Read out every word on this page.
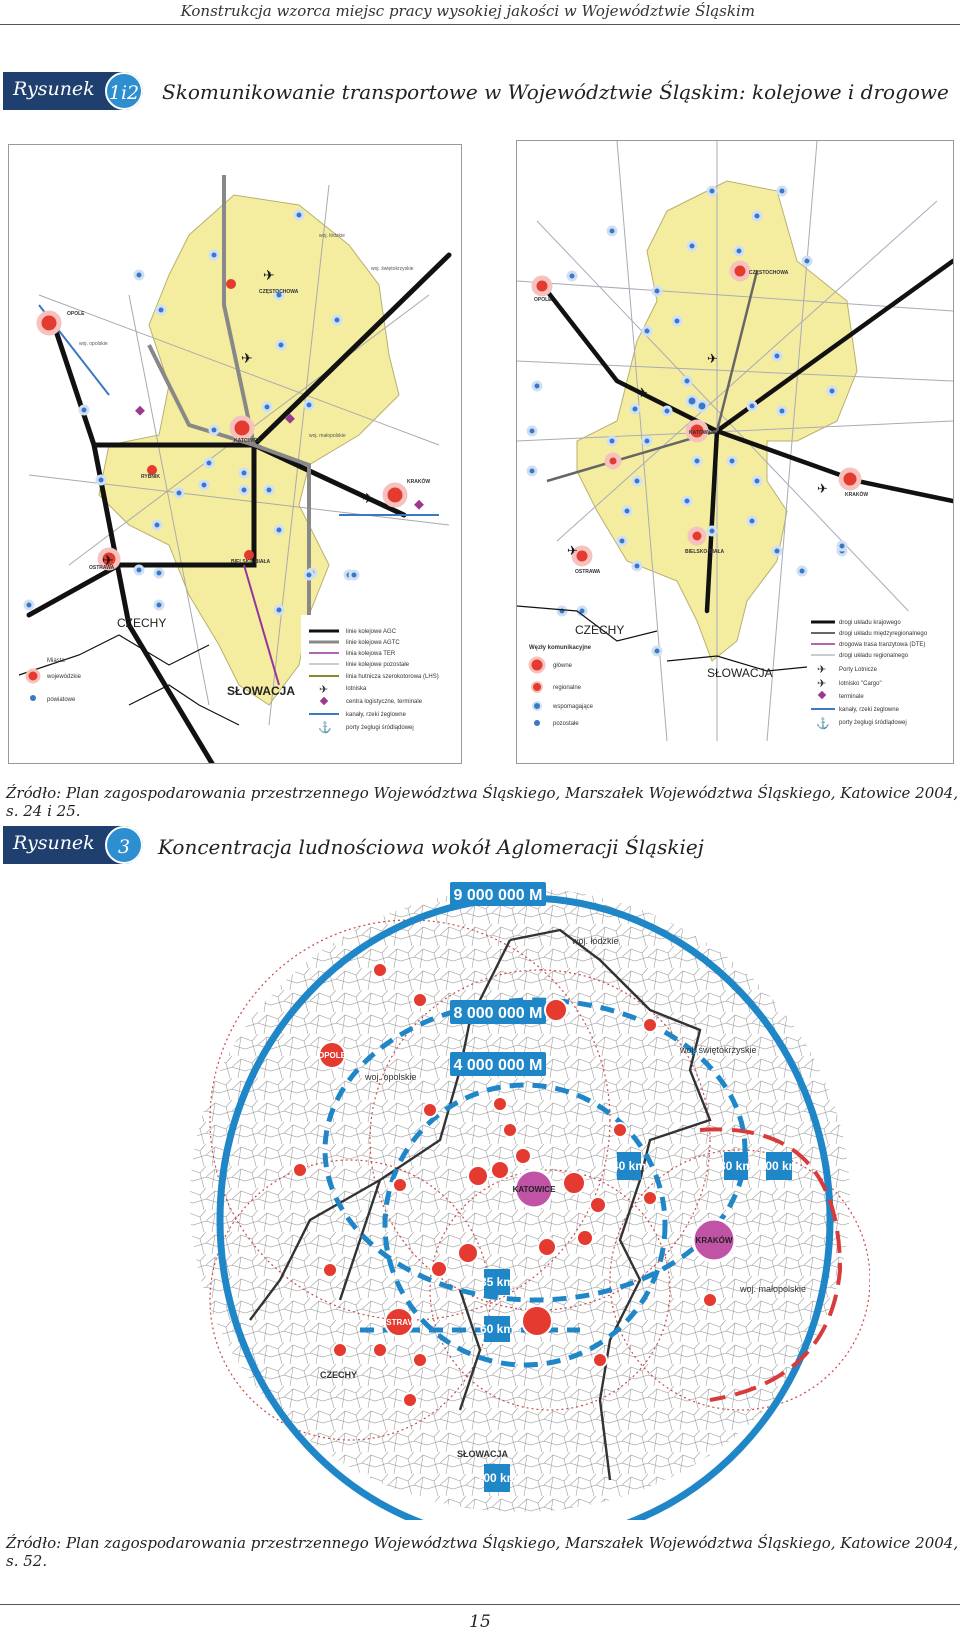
Konstrukcja wzorca miejsc pracy wysokiej jakości w Województwie Śląskim
Rysunek 1i2 Skomunikowanie transportowe w Województwie Śląskim: kolejowe i drogowe
✈
✈
✈
✈
OPOLE
CZĘSTOCHOWA
KATOWICE
KRAKÓW
OSTRAWA
BIELSKO-BIAŁA
RYBNIK
woj. opolskie
woj. łódzkie
woj. świętokrzyskie
woj. małopolskie
CZECHY
SŁOWACJA
Miasta
wojewódzkie
powiatowe
linie kolejowe AGC
linie kolejowe AGTC
linia kolejowa TER
linie kolejowe pozostałe
linia hutnicza szerokotorowa (LHS)
✈	lotniska
centra logistyczne, terminale
kanały, rzeki żeglowne
⚓ porty żeglugi śródlądowej
✈
✈
✈
✈
OPOLE
CZĘSTOCHOWA
KATOWICE
KRAKÓW
OSTRAWA
BIELSKO-BIAŁA
CZECHY
SŁOWACJA
Węzły komunikacyjne
główne
regionalne
wspomagające
pozostałe
drogi układu krajowego
drogi układu międzyregionalnego
drogowa trasa tranzytowa (DTE)
drogi układu regionalnego
✈ Porty Lotnicze
✈ lotnisko "Cargo"
terminale
kanały, rzeki żeglowne
⚓ porty żeglugi śródlądowej
Źródło: Plan zagospodarowania przestrzennego Województwa Śląskiego, Marszałek Województwa Śląskiego, Katowice 2004, s. 24 i 25.
Rysunek	3	Koncentracja ludnościowa wokół Aglomeracji Śląskiej
9 000 000 M
8 000 000 M
4 000 000 M
40 km	80 km 100 km
35 km
60 km
100 km
KATOWICE
KRAKÓW
OPOLE
OSTRAVA
woj. łódzkie
woj. opolskie
woj. świętokrzyskie
woj. małopolskie
CZECHY
SŁOWACJA
Źródło: Plan zagospodarowania przestrzennego Województwa Śląskiego, Marszałek Województwa Śląskiego, Katowice 2004, s. 52.
15
